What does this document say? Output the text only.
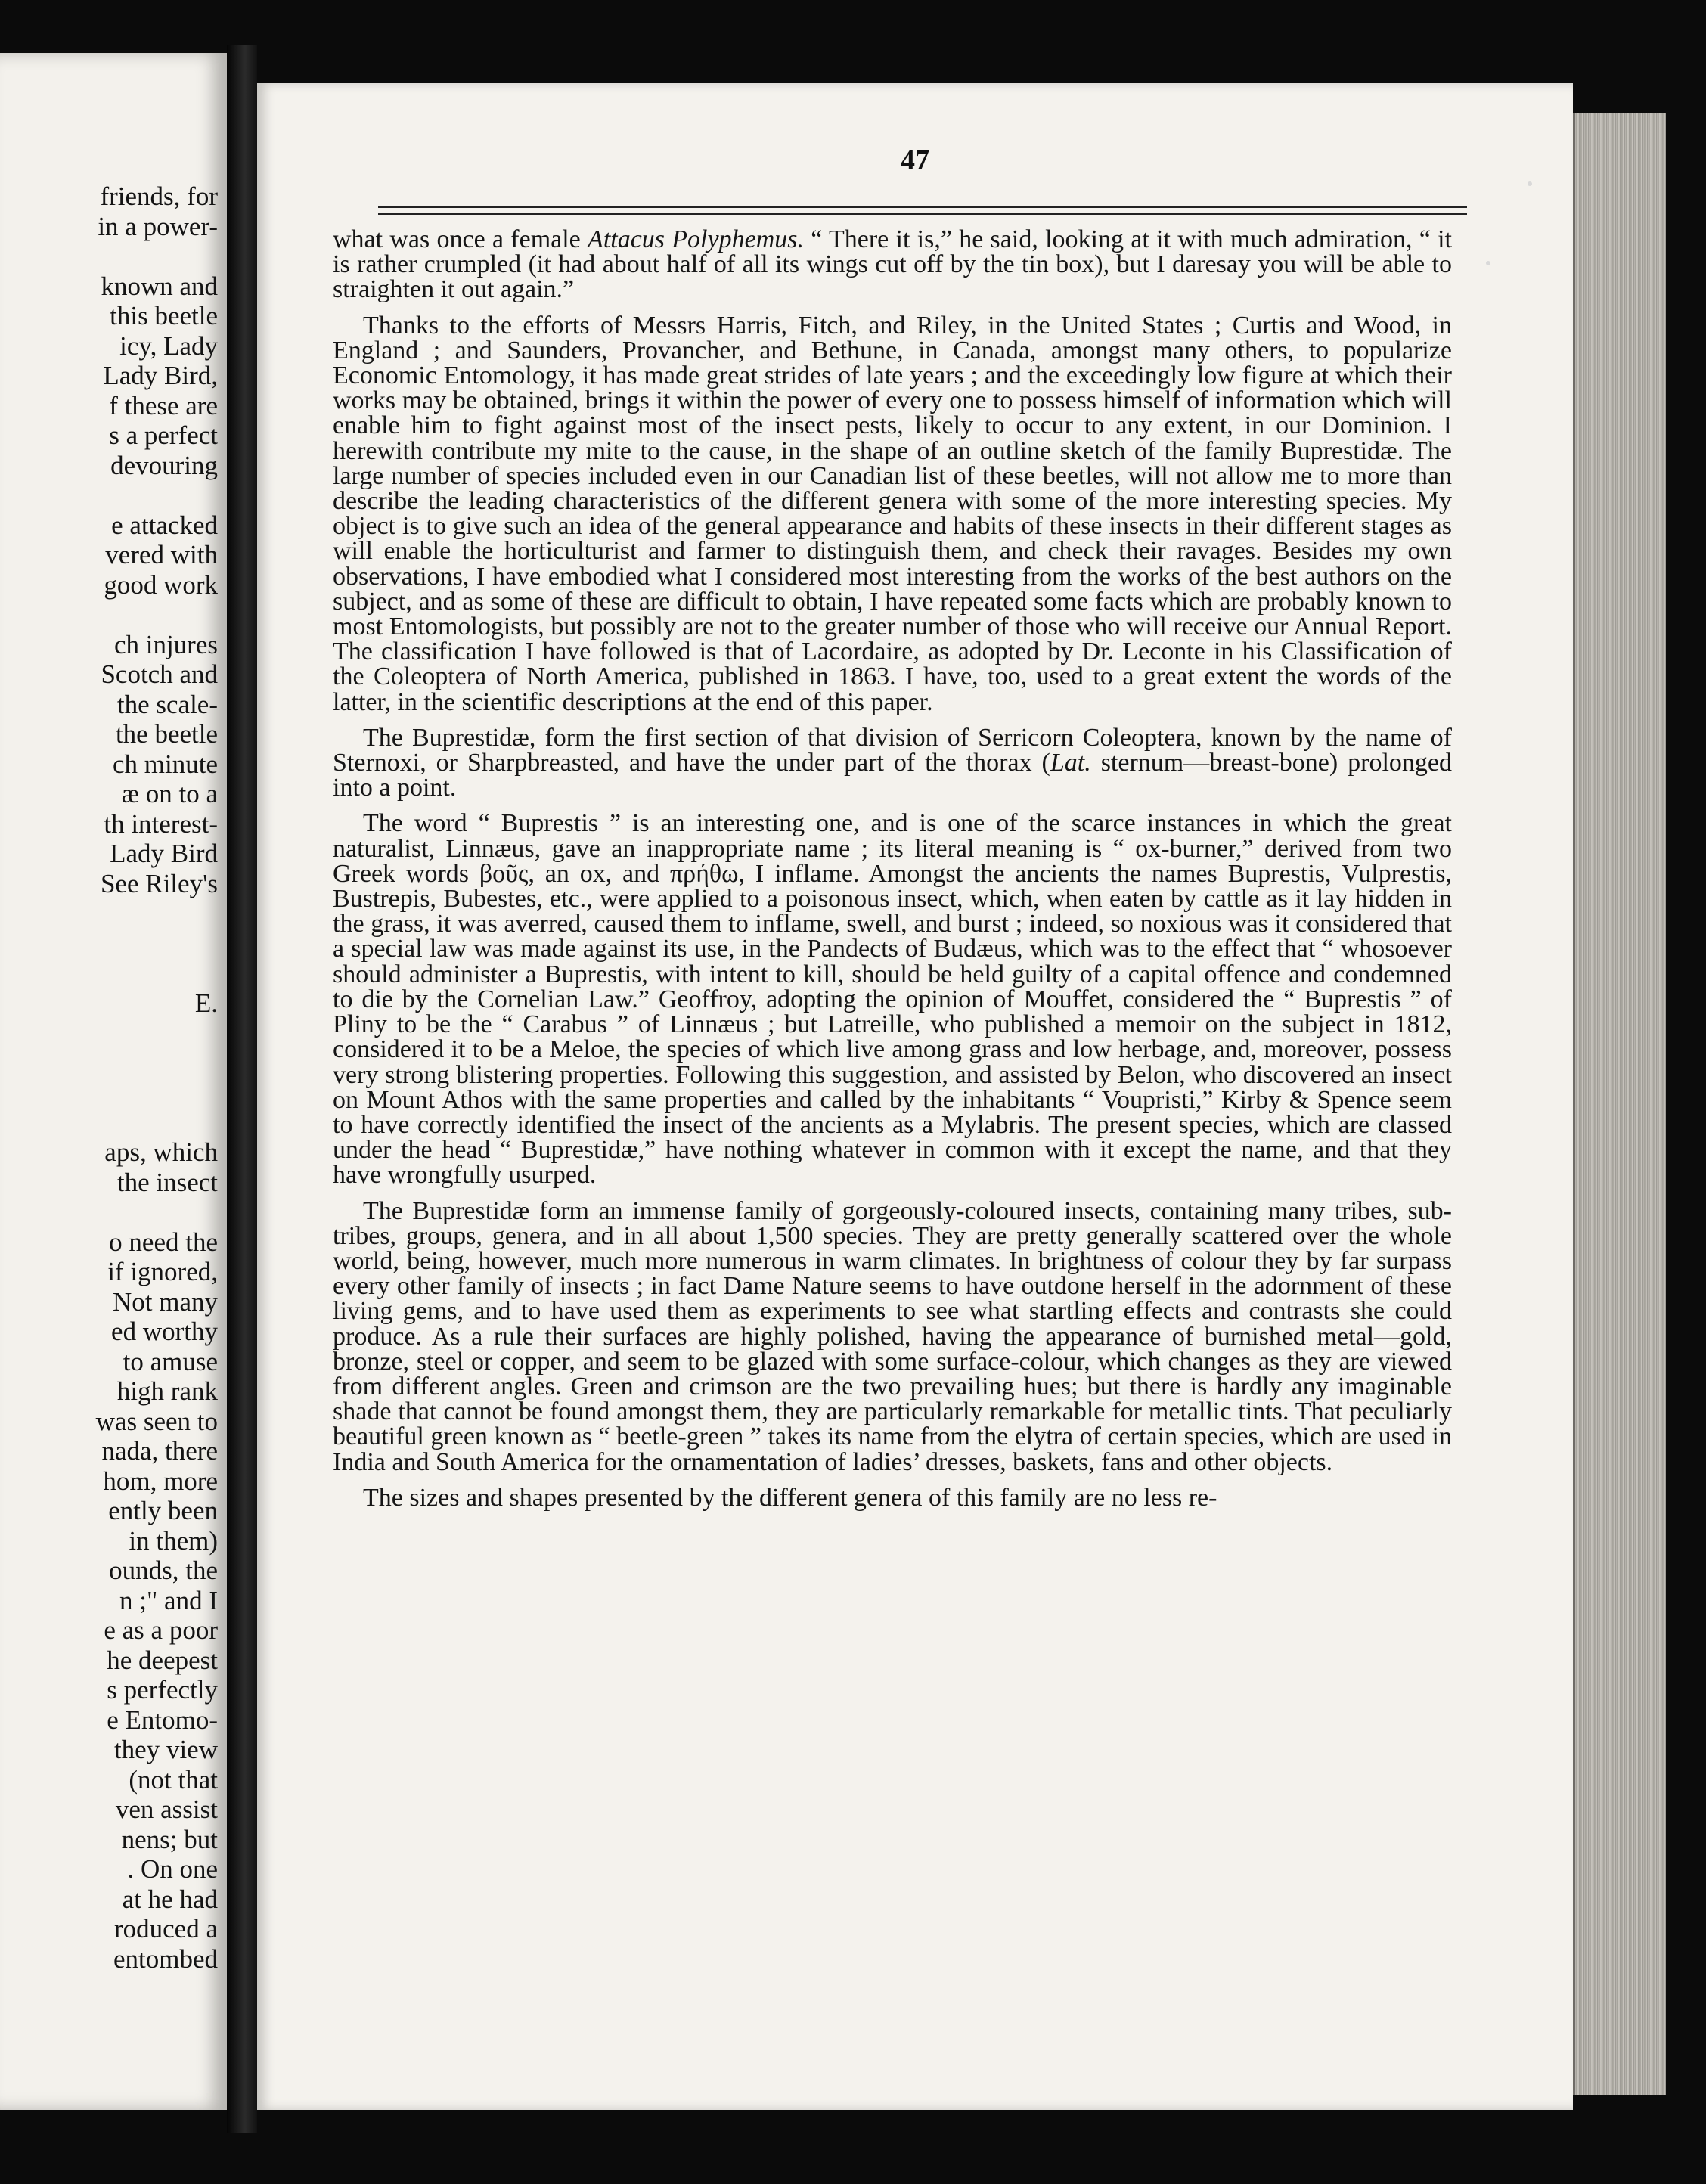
friends, for
in a power-
known and
this beetle
icy, Lady
Lady Bird,
f these are
s a perfect
devouring
e attacked
vered with
good work
ch injures
Scotch and
the scale-
the beetle
ch minute
æ on to a
th interest-
Lady Bird
See Riley's
E.
aps, which
the insect
o need the
if ignored,
Not many
ed worthy
to amuse
high rank
was seen to
nada, there
hom, more
ently been
in them)
ounds, the
n ;" and I
e as a poor
he deepest
s perfectly
e Entomo-
they view
(not that
ven assist
nens; but
. On one
at he had
roduced a
entombed
47

what was once a female Attacus Polyphemus. “ There it is,” he said, looking at it with much admiration, “ it is rather crumpled (it had about half of all its wings cut off by the tin box), but I daresay you will be able to straighten it out again.”

Thanks to the efforts of Messrs Harris, Fitch, and Riley, in the United States ; Curtis and Wood, in England ; and Saunders, Provancher, and Bethune, in Canada, amongst many others, to popularize Economic Entomology, it has made great strides of late years ; and the exceedingly low figure at which their works may be obtained, brings it within the power of every one to possess himself of information which will enable him to fight against most of the insect pests, likely to occur to any extent, in our Dominion. I herewith contribute my mite to the cause, in the shape of an outline sketch of the family Buprestidæ. The large number of species included even in our Canadian list of these beetles, will not allow me to more than describe the leading characteristics of the different genera with some of the more interesting species. My object is to give such an idea of the general appearance and habits of these insects in their different stages as will enable the horticulturist and farmer to distinguish them, and check their ravages. Besides my own observations, I have embodied what I considered most interesting from the works of the best authors on the subject, and as some of these are difficult to obtain, I have repeated some facts which are probably known to most Entomologists, but possibly are not to the greater number of those who will receive our Annual Report. The classification I have followed is that of Lacordaire, as adopted by Dr. Leconte in his Classification of the Coleoptera of North America, published in 1863. I have, too, used to a great extent the words of the latter, in the scientific descriptions at the end of this paper.

The Buprestidæ, form the first section of that division of Serricorn Coleoptera, known by the name of Sternoxi, or Sharpbreasted, and have the under part of the thorax (Lat. sternum—breast-bone) prolonged into a point.

The word “ Buprestis ” is an interesting one, and is one of the scarce instances in which the great naturalist, Linnæus, gave an inappropriate name ; its literal meaning is “ ox-burner,” derived from two Greek words βοῦς, an ox, and πρήθω, I inflame. Amongst the ancients the names Buprestis, Vulprestis, Bustrepis, Bubestes, etc., were applied to a poisonous insect, which, when eaten by cattle as it lay hidden in the grass, it was averred, caused them to inflame, swell, and burst ; indeed, so noxious was it considered that a special law was made against its use, in the Pandects of Budæus, which was to the effect that “ whosoever should administer a Buprestis, with intent to kill, should be held guilty of a capital offence and condemned to die by the Cornelian Law.” Geoffroy, adopting the opinion of Mouffet, considered the “ Buprestis ” of Pliny to be the “ Carabus ” of Linnæus ; but Latreille, who published a memoir on the subject in 1812, considered it to be a Meloe, the species of which live among grass and low herbage, and, moreover, possess very strong blistering properties. Following this suggestion, and assisted by Belon, who discovered an insect on Mount Athos with the same properties and called by the inhabitants “ Voupristi,” Kirby & Spence seem to have correctly identified the insect of the ancients as a Mylabris. The present species, which are classed under the head “ Buprestidæ,” have nothing whatever in common with it except the name, and that they have wrongfully usurped.

The Buprestidæ form an immense family of gorgeously-coloured insects, containing many tribes, sub-tribes, groups, genera, and in all about 1,500 species. They are pretty generally scattered over the whole world, being, however, much more numerous in warm climates. In brightness of colour they by far surpass every other family of insects ; in fact Dame Nature seems to have outdone herself in the adornment of these living gems, and to have used them as experiments to see what startling effects and contrasts she could produce. As a rule their surfaces are highly polished, having the appearance of burnished metal—gold, bronze, steel or copper, and seem to be glazed with some surface-colour, which changes as they are viewed from different angles. Green and crimson are the two prevailing hues; but there is hardly any imaginable shade that cannot be found amongst them, they are particularly remarkable for metallic tints. That peculiarly beautiful green known as “ beetle-green ” takes its name from the elytra of certain species, which are used in India and South America for the ornamentation of ladies’ dresses, baskets, fans and other objects.

The sizes and shapes presented by the different genera of this family are no less re-
